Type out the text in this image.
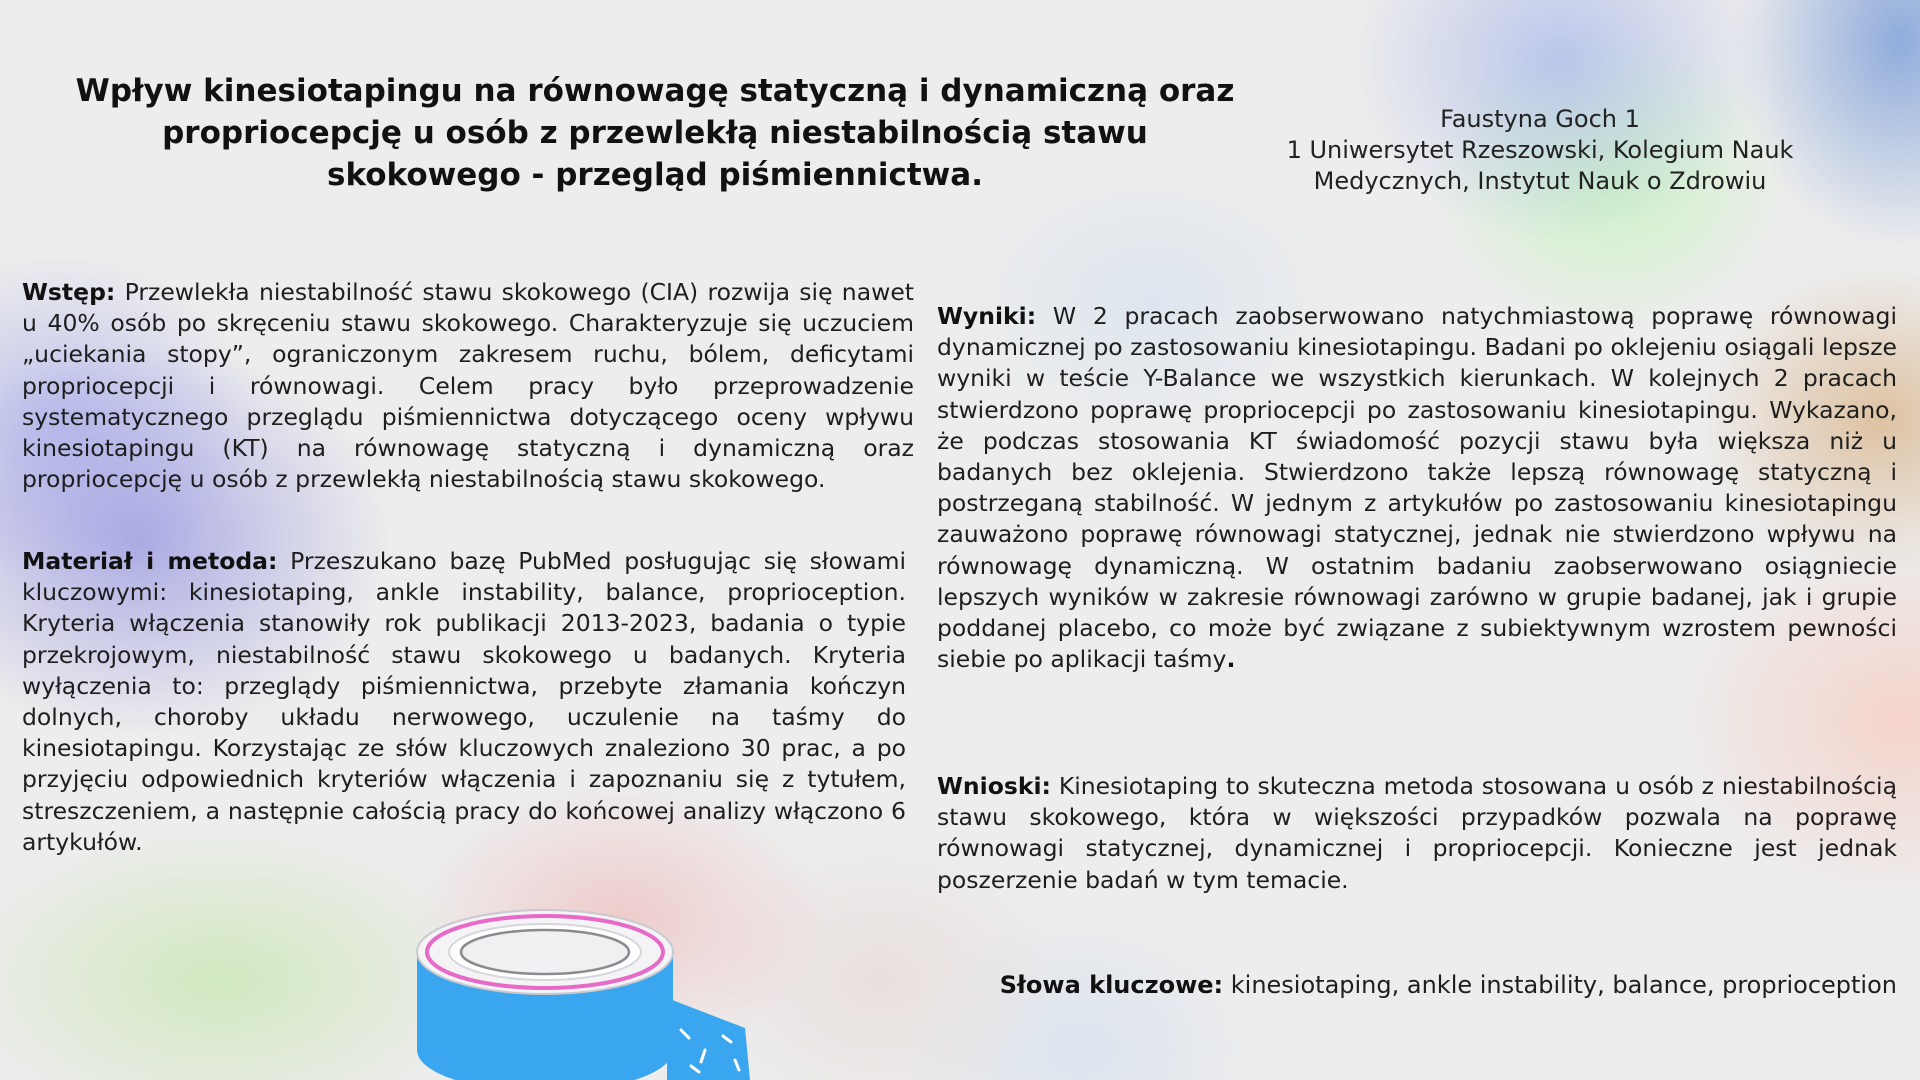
Wpływ kinesiotapingu na równowagę statyczną i dynamiczną oraz propriocepcję u osób z przewlekłą niestabilnością stawu skokowego - przegląd piśmiennictwa.
Faustyna Goch 1
1 Uniwersytet Rzeszowski, Kolegium Nauk
Medycznych, Instytut Nauk o Zdrowiu

Wstęp: Przewlekła niestabilność stawu skokowego (CIA) rozwija się nawet u 40% osób po skręceniu stawu skokowego. Charakteryzuje się uczuciem „uciekania stopy”, ograniczonym zakresem ruchu, bólem, deficytami propriocepcji i równowagi. Celem pracy było przeprowadzenie systematycznego przeglądu piśmiennictwa dotyczącego oceny wpływu kinesiotapingu (KT) na równowagę statyczną i dynamiczną oraz propriocepcję u osób z przewlekłą niestabilnością stawu skokowego.

Materiał i metoda: Przeszukano bazę PubMed posługując się słowami kluczowymi: kinesiotaping, ankle instability, balance, proprioception. Kryteria włączenia stanowiły rok publikacji 2013-2023, badania o typie przekrojowym, niestabilność stawu skokowego u badanych. Kryteria wyłączenia to: przeglądy piśmiennictwa, przebyte złamania kończyn dolnych, choroby układu nerwowego, uczulenie na taśmy do kinesiotapingu. Korzystając ze słów kluczowych znaleziono 30 prac, a po przyjęciu odpowiednich kryteriów włączenia i zapoznaniu się z tytułem, streszczeniem, a następnie całością pracy do końcowej analizy włączono 6 artykułów.

Wyniki: W 2 pracach zaobserwowano natychmiastową poprawę równowagi dynamicznej po zastosowaniu kinesiotapingu. Badani po oklejeniu osiągali lepsze wyniki w teście Y-Balance we wszystkich kierunkach. W kolejnych 2 pracach stwierdzono poprawę propriocepcji po zastosowaniu kinesiotapingu. Wykazano, że podczas stosowania KT świadomość pozycji stawu była większa niż u badanych bez oklejenia. Stwierdzono także lepszą równowagę statyczną i postrzeganą stabilność. W jednym z artykułów po zastosowaniu kinesiotapingu zauważono poprawę równowagi statycznej, jednak nie stwierdzono wpływu na równowagę dynamiczną. W ostatnim badaniu zaobserwowano osiągniecie lepszych wyników w zakresie równowagi zarówno w grupie badanej, jak i grupie poddanej placebo, co może być związane z subiektywnym wzrostem pewności siebie po aplikacji taśmy.

Wnioski: Kinesiotaping to skuteczna metoda stosowana u osób z niestabilnością stawu skokowego, która w większości przypadków pozwala na poprawę równowagi statycznej, dynamicznej i propriocepcji. Konieczne jest jednak poszerzenie badań w tym temacie.

Słowa kluczowe: kinesiotaping, ankle instability, balance, proprioception
